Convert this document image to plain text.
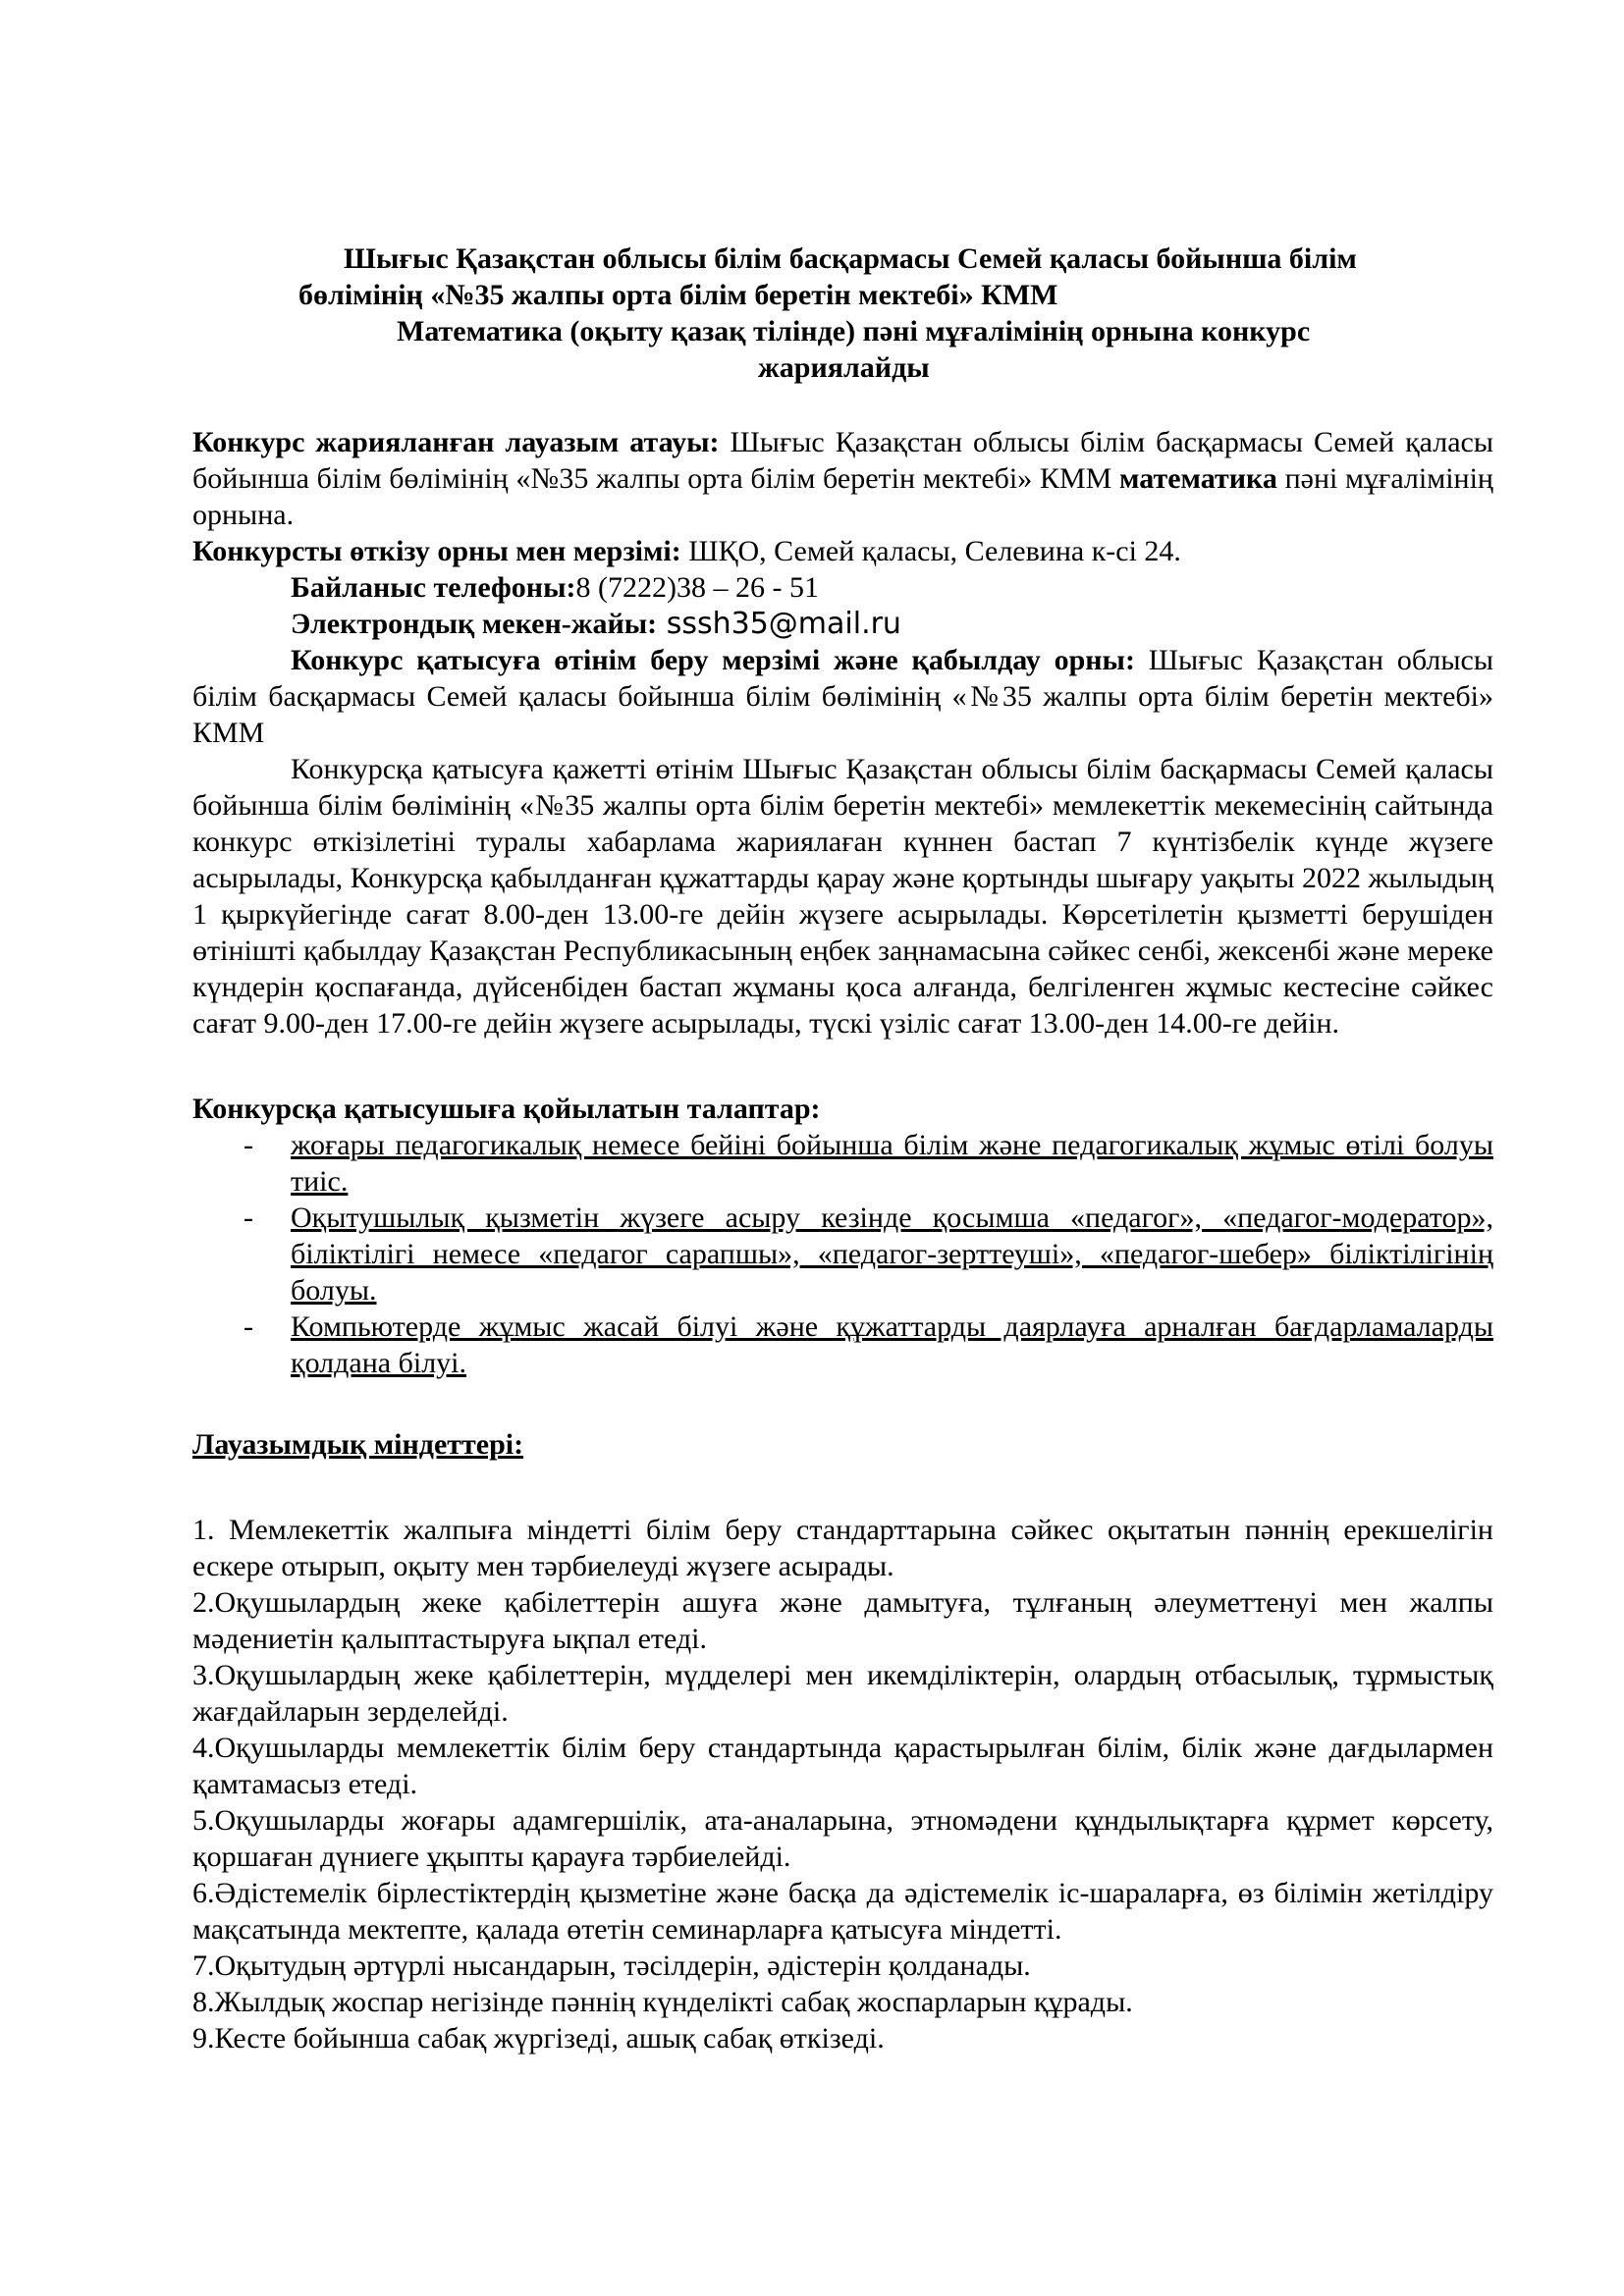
Шығыс Қазақстан облысы білім басқармасы Семей қаласы бойынша білім
бөлімінің «№35 жалпы орта білім беретін мектебі» КММ
Математика (оқыту қазақ тілінде) пәні мұғалімінің орнына конкурс
жариялайды

Конкурс жарияланған лауазым атауы: Шығыс Қазақстан облысы білім басқармасы Семей қаласы бойынша білім бөлімінің «№35 жалпы орта білім беретін мектебі» КММ математика пәні мұғалімінің орнына.

Конкурсты өткізу орны мен мерзімі: ШҚО, Семей қаласы, Селевина к-сі 24.

Байланыс телефоны:8 (7222)38 – 26 - 51

Электрондық мекен-жайы: sssh35@mail.ru

Конкурс қатысуға өтінім беру мерзімі және қабылдау орны: Шығыс Қазақстан облысы білім басқармасы Семей қаласы бойынша білім бөлімінің «№35 жалпы орта білім беретін мектебі» КММ

Конкурсқа қатысуға қажетті өтінім Шығыс Қазақстан облысы білім басқармасы Семей қаласы бойынша білім бөлімінің «№35 жалпы орта білім беретін мектебі» мемлекеттік мекемесінің сайтында конкурс өткізілетіні туралы хабарлама жариялаған күннен бастап 7 күнтізбелік күнде жүзеге асырылады, Конкурсқа қабылданған құжаттарды қарау және қортынды шығару уақыты 2022 жылыдың 1 қыркүйегінде сағат 8.00-ден 13.00-ге дейін жүзеге асырылады. Көрсетілетін қызметті берушіден өтінішті қабылдау Қазақстан Республикасының еңбек заңнамасына сәйкес сенбі, жексенбі және мереке күндерін қоспағанда, дүйсенбіден бастап жұманы қоса алғанда, белгіленген жұмыс кестесіне сәйкес сағат 9.00-ден 17.00-ге дейін жүзеге асырылады, түскі үзіліс сағат 13.00-ден 14.00-ге дейін.

Конкурсқа қатысушыға қойылатын талаптар:

- жоғары педагогикалық немесе бейіні бойынша білім және педагогикалық жұмыс өтілі болуы тиіс.
- Оқытушылық қызметін жүзеге асыру кезінде қосымша «педагог», «педагог-модератор», біліктілігі немесе «педагог сарапшы», «педагог-зерттеуші», «педагог-шебер» біліктілігінің болуы.
- Компьютерде жұмыс жасай білуі және құжаттарды даярлауға арналған бағдарламаларды қолдана білуі.

Лауазымдық міндеттері:

1. Мемлекеттік жалпыға міндетті білім беру стандарттарына сәйкес оқытатын пәннің ерекшелігін ескере отырып, оқыту мен тәрбиелеуді жүзеге асырады.

2.Оқушылардың жеке қабілеттерін ашуға және дамытуға, тұлғаның әлеуметтенуі мен жалпы мәдениетін қалыптастыруға ықпал етеді.

3.Оқушылардың жеке қабілеттерін, мүдделері мен икемділіктерін, олардың отбасылық, тұрмыстық жағдайларын зерделейді.

4.Оқушыларды мемлекеттік білім беру стандартында қарастырылған білім, білік және дағдылармен қамтамасыз етеді.

5.Оқушыларды жоғары адамгершілік, ата-аналарына, этномәдени құндылықтарға құрмет көрсету, қоршаған дүниеге ұқыпты қарауға тәрбиелейді.

6.Әдістемелік бірлестіктердің қызметіне және басқа да әдістемелік іс-шараларға, өз білімін жетілдіру мақсатында мектепте, қалада өтетін семинарларға қатысуға міндетті.

7.Оқытудың әртүрлі нысандарын, тәсілдерін, әдістерін қолданады.

8.Жылдық жоспар негізінде пәннің күнделікті сабақ жоспарларын құрады.

9.Кесте бойынша сабақ жүргізеді, ашық сабақ өткізеді.
